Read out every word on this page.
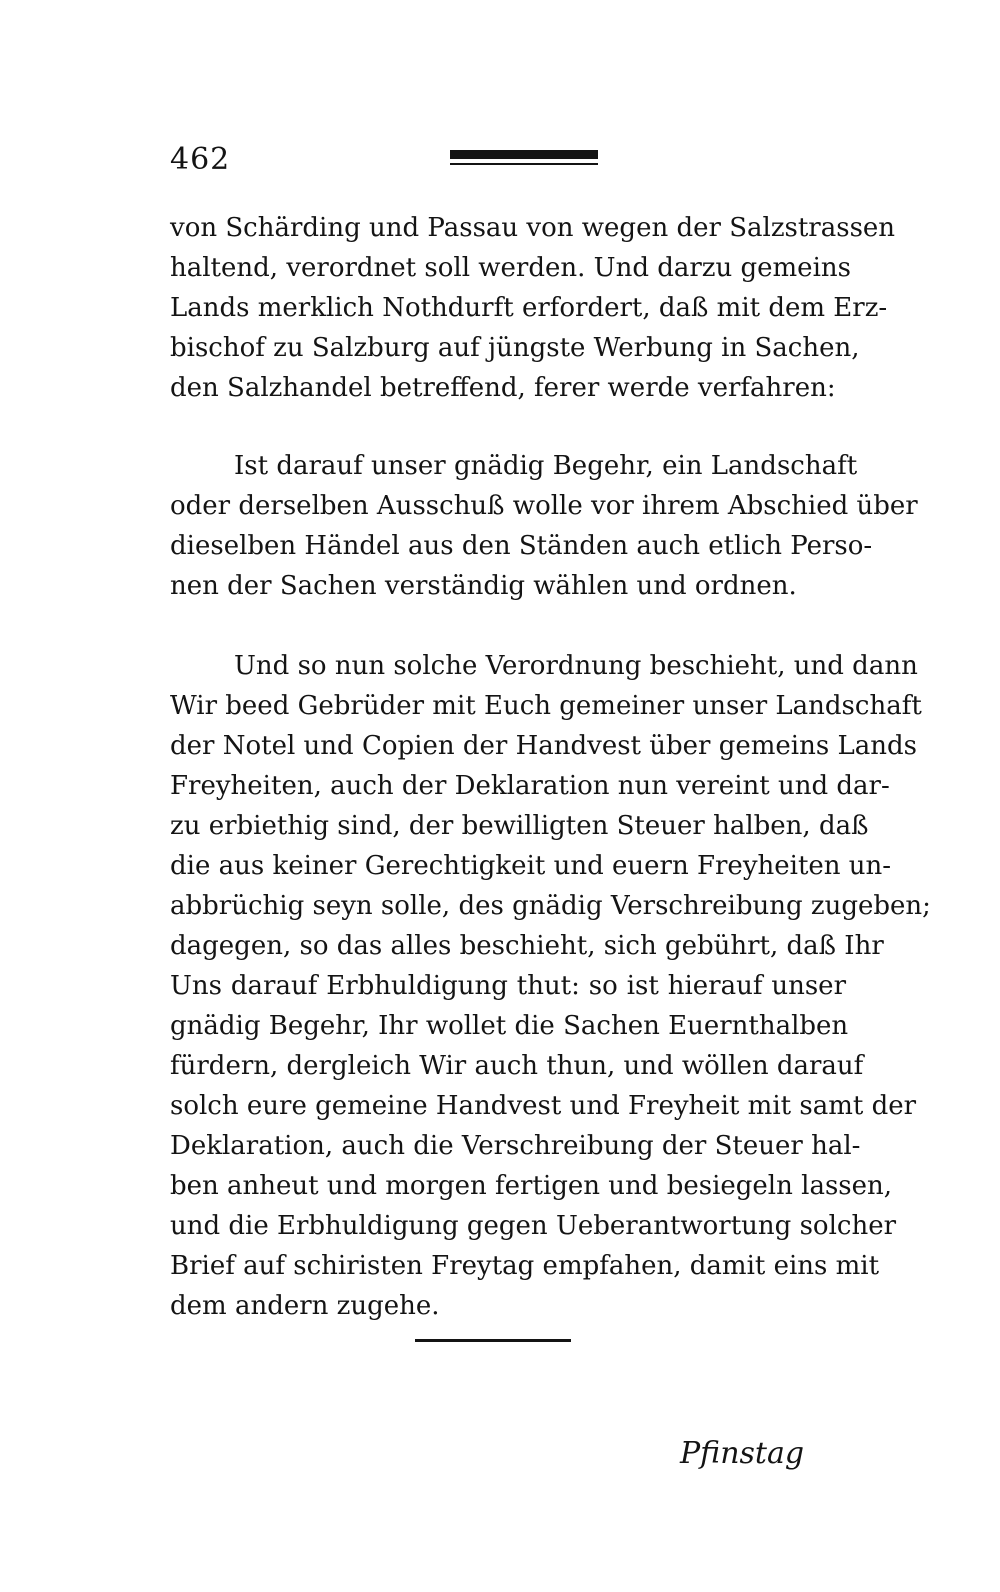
462
von Schärding und Passau von wegen der Salzstrassen
haltend, verordnet soll werden. Und darzu gemeins
Lands merklich Nothdurft erfordert, daß mit dem Erz-
bischof zu Salzburg auf jüngste Werbung in Sachen,
den Salzhandel betreffend, ferer werde verfahren:
Ist darauf unser gnädig Begehr, ein Landschaft
oder derselben Ausschuß wolle vor ihrem Abschied über
dieselben Händel aus den Ständen auch etlich Perso-
nen der Sachen verständig wählen und ordnen.
Und so nun solche Verordnung beschieht, und dann
Wir beed Gebrüder mit Euch gemeiner unser Landschaft
der Notel und Copien der Handvest über gemeins Lands
Freyheiten, auch der Deklaration nun vereint und dar-
zu erbiethig sind, der bewilligten Steuer halben, daß
die aus keiner Gerechtigkeit und euern Freyheiten un-
abbrüchig seyn solle, des gnädig Verschreibung zugeben;
dagegen, so das alles beschieht, sich gebührt, daß Ihr
Uns darauf Erbhuldigung thut: so ist hierauf unser
gnädig Begehr, Ihr wollet die Sachen Euernthalben
fürdern, dergleich Wir auch thun, und wöllen darauf
solch eure gemeine Handvest und Freyheit mit samt der
Deklaration, auch die Verschreibung der Steuer hal-
ben anheut und morgen fertigen und besiegeln lassen,
und die Erbhuldigung gegen Ueberantwortung solcher
Brief auf schiristen Freytag empfahen, damit eins mit
dem andern zugehe.
Pfinstag
